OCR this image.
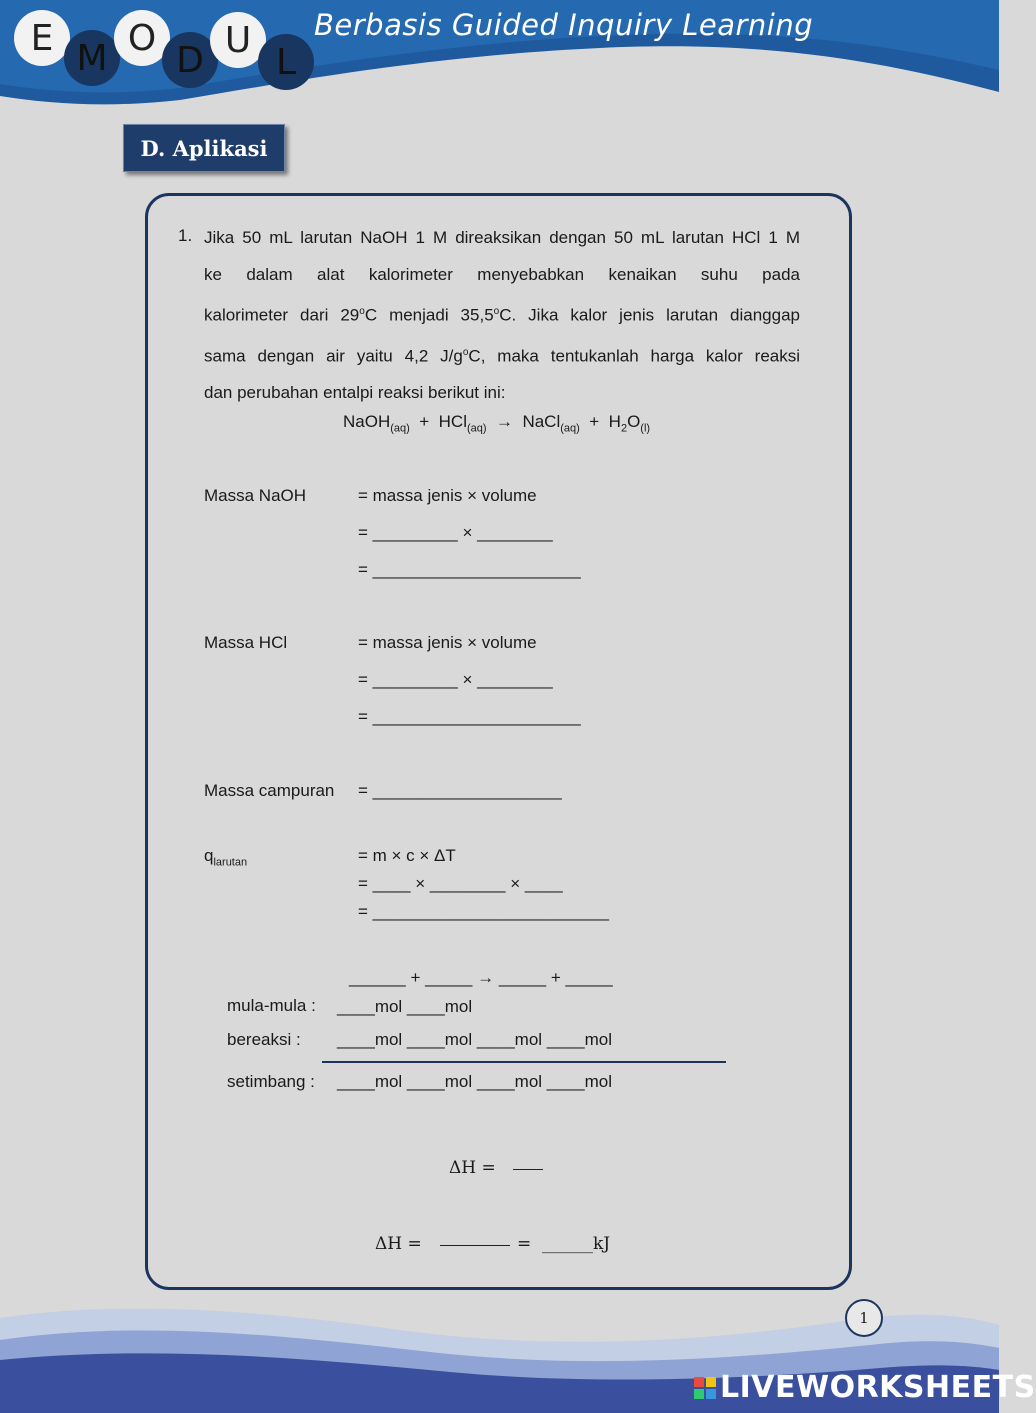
E M O
D U
L
Berbasis Guided Inquiry Learning
D. Aplikasi
1. Jika 50 mL larutan NaOH 1 M direaksikan dengan 50 mL larutan HCl 1 M
ke dalam alat kalorimeter menyebabkan kenaikan suhu pada
kalorimeter dari 29$^o$C menjadi 35,5$^o$C. Jika kalor jenis larutan dianggap
sama dengan air yaitu 4,2 $J/g^oC$, maka tentukanlah harga kalor reaksi
dan perubahan entalpi reaksi berikut ini:
NaOH$_{(aq)}$ + HCl$_{(aq)}$ → NaCl$_{(aq)}$ + $H_2O_{(l)}$
Massa NaOH	= massa jenis × volume
= _________ × ________
= ______________________
Massa HCl	= massa jenis × volume
= _________ × ________
= ______________________
Massa campuran = ____________________
$q_{larutan}$	= m × c × ΔT
= ____ × ________ × ____
= _________________________
______ + _____ → _____ + _____
mula-mula : ____mol ____mol
bereaksi : ____mol ____mol ____mol ____mol
setimbang : ____mol ____mol ____mol ____mol
ΔH =
ΔH =	= ______kJ
1
LIVEWORKSHEETS
